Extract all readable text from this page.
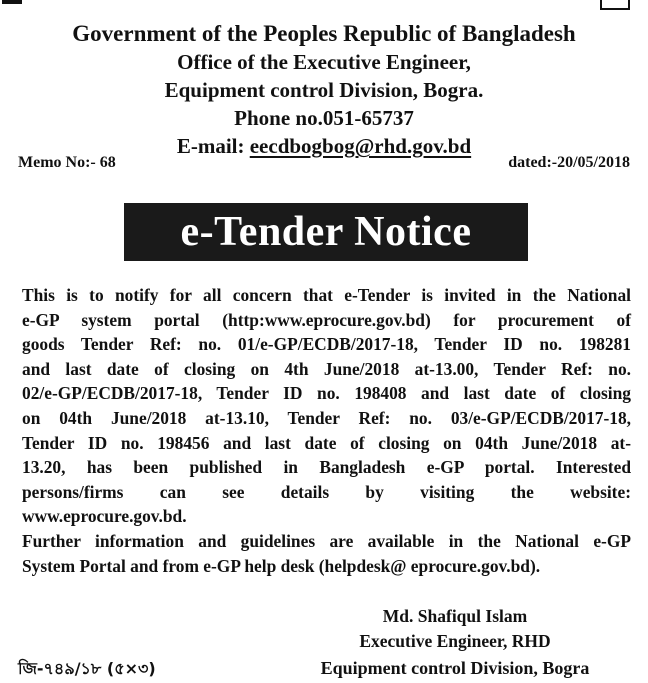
Government of the Peoples Republic of Bangladesh
Office of the Executive Engineer,
Equipment control Division, Bogra.
Phone no.051-65737
E-mail: eecdbogbog@rhd.gov.bd
Memo No:- 68	dated:-20/05/2018
e-Tender Notice
This is to notify for all concern that e-Tender is invited in the National
e-GP system portal (http:www.eprocure.gov.bd) for procurement of
goods Tender Ref: no. 01/e-GP/ECDB/2017-18, Tender ID no. 198281
and last date of closing on 4th June/2018 at-13.00, Tender Ref: no.
02/e-GP/ECDB/2017-18, Tender ID no. 198408 and last date of closing
on 04th June/2018 at-13.10, Tender Ref: no. 03/e-GP/ECDB/2017-18,
Tender ID no. 198456 and last date of closing on 04th June/2018 at-
13.20, has been published in Bangladesh e-GP portal. Interested
persons/firms can see details by visiting the website:
www.eprocure.gov.bd.
Further information and guidelines are available in the National e-GP
System Portal and from e-GP help desk (helpdesk@ eprocure.gov.bd).
Md. Shafiqul Islam
Executive Engineer, RHD
Equipment control Division, Bogra
জি-৭৪৯/১৮ (৫×৩)
